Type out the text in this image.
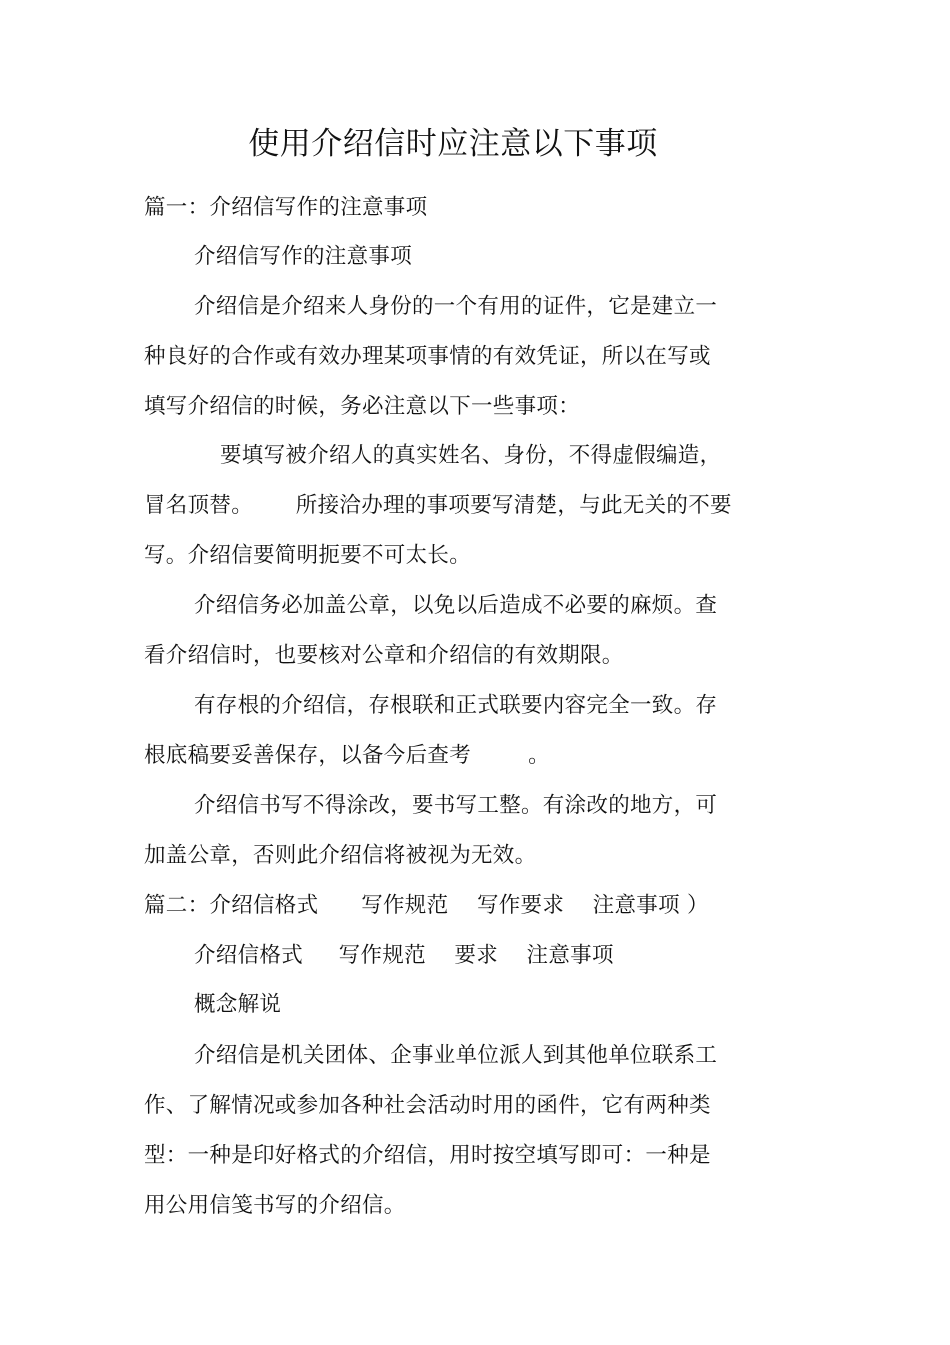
使用介绍信时应注意以下事项
篇一：介绍信写作的注意事项
介绍信写作的注意事项
介绍信是介绍来人身份的一个有用的证件，它是建立一
种良好的合作或有效办理某项事情的有效凭证，所以在写或
填写介绍信的时候，务必注意以下一些事项：
要填写被介绍人的真实姓名、身份，不得虚假编造，
冒名顶替。      所接洽办理的事项要写清楚，与此无关的不要
写。介绍信要简明扼要不可太长。
介绍信务必加盖公章，以免以后造成不必要的麻烦。查
看介绍信时，也要核对公章和介绍信的有效期限。
有存根的介绍信，存根联和正式联要内容完全一致。存
根底稿要妥善保存，以备今后查考        。
介绍信书写不得涂改，要书写工整。有涂改的地方，可
加盖公章，否则此介绍信将被视为无效。
篇二：介绍信格式      写作规范    写作要求    注意事项 ）
介绍信格式     写作规范    要求    注意事项
概念解说
介绍信是机关团体、企事业单位派人到其他单位联系工
作、了解情况或参加各种社会活动时用的函件，它有两种类
型：一种是印好格式的介绍信，用时按空填写即可：一种是
用公用信笺书写的介绍信。
